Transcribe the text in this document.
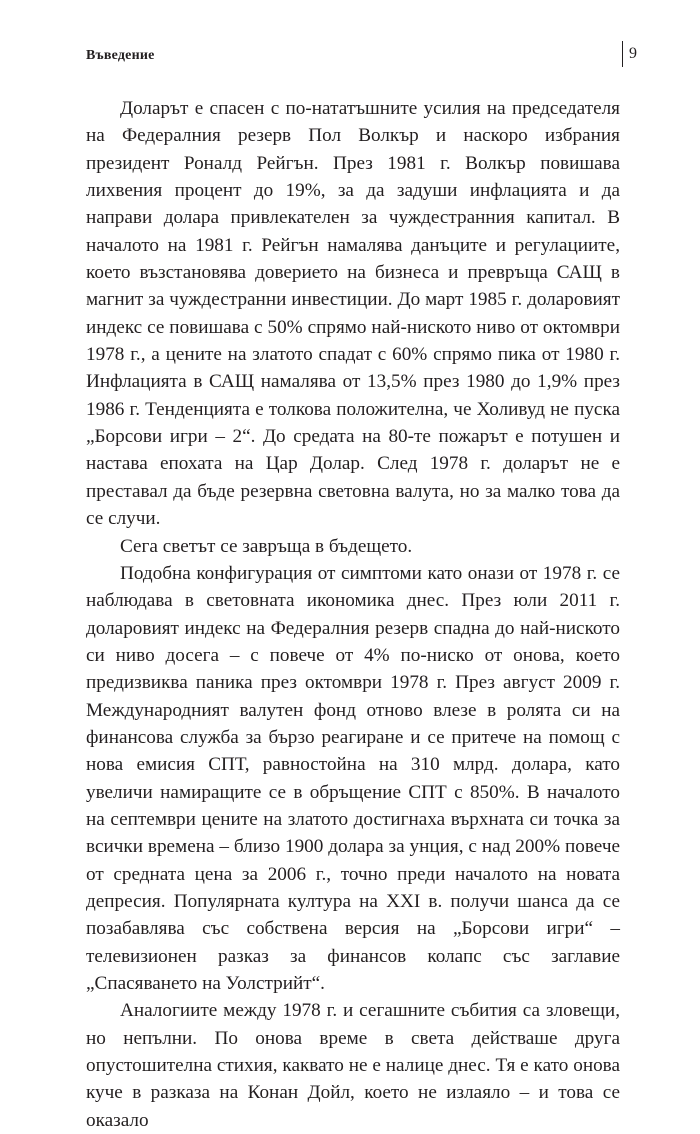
Въведение	9

Доларът е спасен с по-нататъшните усилия на председателя на Федералния резерв Пол Волкър и наскоро избрания президент Роналд Рейгън. През 1981 г. Волкър повишава лихвения процент до 19%, за да задуши инфлацията и да направи долара привлекателен за чуждестранния капитал. В началото на 1981 г. Рейгън намалява данъците и регулациите, което възстановява доверието на бизнеса и превръща САЩ в магнит за чуждестранни инвестиции. До март 1985 г. доларовият индекс се повишава с 50% спрямо най-ниското ниво от октомври 1978 г., а цените на златото спадат с 60% спрямо пика от 1980 г. Инфлацията в САЩ намалява от 13,5% през 1980 до 1,9% през 1986 г. Тенденцията е толкова положителна, че Холивуд не пуска „Борсови игри – 2“. До средата на 80-те пожарът е потушен и настава епохата на Цар Долар. След 1978 г. доларът не е преставал да бъде резервна световна валута, но за малко това да се случи.

Сега светът се завръща в бъдещето.

Подобна конфигурация от симптоми като онази от 1978 г. се наблюдава в световната икономика днес. През юли 2011 г. доларовият индекс на Федералния резерв спадна до най-ниското си ниво досега – с повече от 4% по-ниско от онова, което предизвиква паника през октомври 1978 г. През август 2009 г. Международният валутен фонд отново влезе в ролята си на финансова служба за бързо реагиране и се притече на помощ с нова емисия СПТ, равностойна на 310 млрд. долара, като увеличи намиращите се в обръщение СПТ с 850%. В началото на септември цените на златото достигнаха върхната си точка за всички времена – близо 1900 долара за унция, с над 200% повече от средната цена за 2006 г., точно преди началото на новата депресия. Популярната култура на XXI в. получи шанса да се позабавлява със собствена версия на „Борсови игри“ – телевизионен разказ за финансов колапс със заглавие „Спасяването на Уолстрийт“.

Аналогиите между 1978 г. и сегашните събития са зловещи, но непълни. По онова време в света действаше друга опустошителна стихия, каквато не е налице днес. Тя е като онова куче в разказа на Конан Дойл, което не излаяло – и това се оказало
